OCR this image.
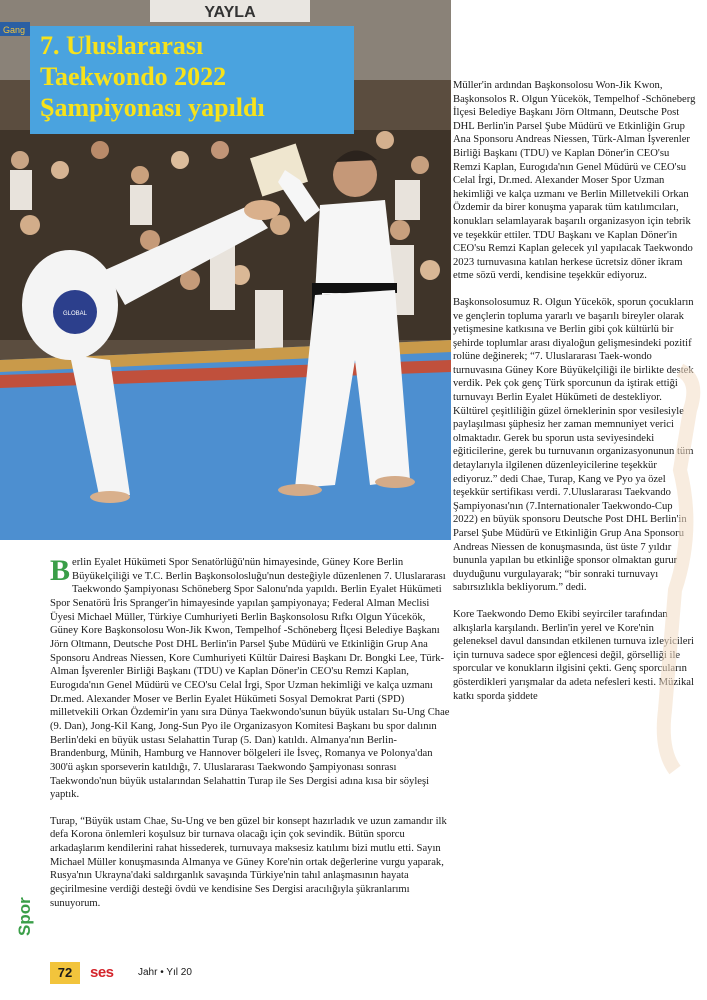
YAYLA
Gang
GLOBAL
7. Uluslararası
Taekwondo 2022
Şampiyonası yapıldı

Müller'in ardından Başkonsolosu Won-Jik Kwon, Başkonsolos R. Olgun Yücekök, Tempelhof -Schöneberg İlçesi Belediye Başkanı Jörn Oltmann, Deutsche Post DHL Berlin'in Parsel Şube Müdürü ve Etkinliğin Grup Ana Sponsoru Andreas Niessen, Türk-Alman İşverenler Birliği Başkanı (TDU) ve Kaplan Döner'in CEO'su Remzi Kaplan, Eurogıda'nın Genel Müdürü ve CEO'su Celal İrgi, Dr.med. Alexander Moser Spor Uzman hekimliği ve kalça uzmanı ve Berlin Milletvekili Orkan Özdemir da birer konuşma yaparak tüm katılımcıları, konukları selamlayarak başarılı organizasyon için tebrik ve teşekkür ettiler. TDU Başkanı ve Kaplan Döner'in CEO'su Remzi Kaplan gelecek yıl yapılacak Taekwondo 2023 turnuvasına katılan herkese ücretsiz döner ikram etme sözü verdi, kendisine teşekkür ediyoruz.

Başkonsolosumuz R. Olgun Yücekök, sporun çocukların ve gençlerin topluma yararlı ve başarılı bireyler olarak yetişmesine katkısına ve Berlin gibi çok kültürlü bir şehirde toplumlar arası diyaloğun gelişmesindeki pozitif rolüne değinerek; “7. Uluslararası Taek-wondo turnuvasına Güney Kore Büyükelçiliği ile birlikte destek verdik. Pek çok genç Türk sporcunun da iştirak ettiği turnuvayı Berlin Eyalet Hükümeti de destekliyor. Kültürel çeşitliliğin güzel örneklerinin spor vesilesiyle paylaşılması şüphesiz her zaman memnuniyet verici olmaktadır. Gerek bu sporun usta seviyesindeki eğiticilerine, gerek bu turnuvanın organizasyonunun tüm detaylarıyla ilgilenen düzenleyicilerine teşekkür ediyoruz.” dedi Chae, Turap, Kang ve Pyo ya özel teşekkür sertifikası verdi. 7.Uluslararası Taekvando Şampiyonası'nın (7.Internationaler Taekwondo-Cup 2022) en büyük sponsoru Deutsche Post DHL Berlin'in Parsel Şube Müdürü ve Etkinliğin Grup Ana Sponsoru Andreas Niessen de konuşmasında, üst üste 7 yıldır bununla yapılan bu etkinliğe sponsor olmaktan gurur duyduğunu vurgulayarak; “bir sonraki turnuvayı sabırsızlıkla bekliyorum.” dedi.

Kore Taekwondo Demo Ekibi seyirciler tarafından alkışlarla karşılandı. Berlin'in yerel ve Kore'nin geleneksel davul dansından etkilenen turnuva izleyicileri için turnuva sadece spor eğlencesi değil, görselliği ile sporcular ve konukların ilgisini çekti. Genç sporcuların gösterdikleri yarışmalar da adeta nefesleri kesti. Müzikal katkı sporda şiddete

Berlin Eyalet Hükümeti Spor Senatörlüğü'nün himayesinde, Güney Kore Berlin Büyükelçiliği ve T.C. Berlin Başkonsolosluğu'nun desteğiyle düzenlenen 7. Uluslararası Taekwondo Şampiyonası Schöneberg Spor Salonu'nda yapıldı. Berlin Eyalet Hükümeti Spor Senatörü İris Spranger'in himayesinde yapılan şampiyonaya; Federal Alman Meclisi Üyesi Michael Müller, Türkiye Cumhuriyeti Berlin Başkonsolosu Rıfkı Olgun Yücekök, Güney Kore Başkonsolosu Won-Jik Kwon, Tempelhof -Schöneberg İlçesi Belediye Başkanı Jörn Oltmann, Deutsche Post DHL Berlin'in Parsel Şube Müdürü ve Etkinliğin Grup Ana Sponsoru Andreas Niessen, Kore Cumhuriyeti Kültür Dairesi Başkanı Dr. Bongki Lee, Türk-Alman İşverenler Birliği Başkanı (TDU) ve Kaplan Döner'in CEO'su Remzi Kaplan, Eurogıda'nın Genel Müdürü ve CEO'su Celal İrgi, Spor Uzman hekimliği ve kalça uzmanı Dr.med. Alexander Moser ve Berlin Eyalet Hükümeti Sosyal Demokrat Parti (SPD) milletvekili Orkan Özdemir'in yanı sıra Dünya Taekwondo'sunun büyük ustaları Su-Ung Chae (9. Dan), Jong-Kil Kang, Jong-Sun Pyo ile Organizasyon Komitesi Başkanı bu spor dalının Berlin'deki en büyük ustası Selahattin Turap (5. Dan) katıldı. Almanya'nın Berlin-Brandenburg, Münih, Hamburg ve Hannover bölgeleri ile İsveç, Romanya ve Polonya'dan 300'ü aşkın sporseverin katıldığı, 7. Uluslararası Taekwondo Şampiyonası sonrası Taekwondo'nun büyük ustalarından Selahattin Turap ile Ses Dergisi adına kısa bir söyleşi yaptık.

Turap, “Büyük ustam Chae, Su-Ung ve ben güzel bir konsept hazırladık ve uzun zamandır ilk defa Korona önlemleri koşulsuz bir turnava olacağı için çok sevindik. Bütün sporcu arkadaşlarım kendilerini rahat hissederek, turnuvaya maksesiz katılımı bizi mutlu etti. Sayın Michael Müller konuşmasında Almanya ve Güney Kore'nin ortak değerlerine vurgu yaparak, Rusya'nın Ukrayna'daki saldırganlık savaşında Türkiye'nin tahıl anlaşmasının hayata geçirilmesine verdiği desteği övdü ve kendisine Ses Dergisi aracılığıyla şükranlarımı sunuyorum.

Spor
72	ses Jahr • Yıl 20
